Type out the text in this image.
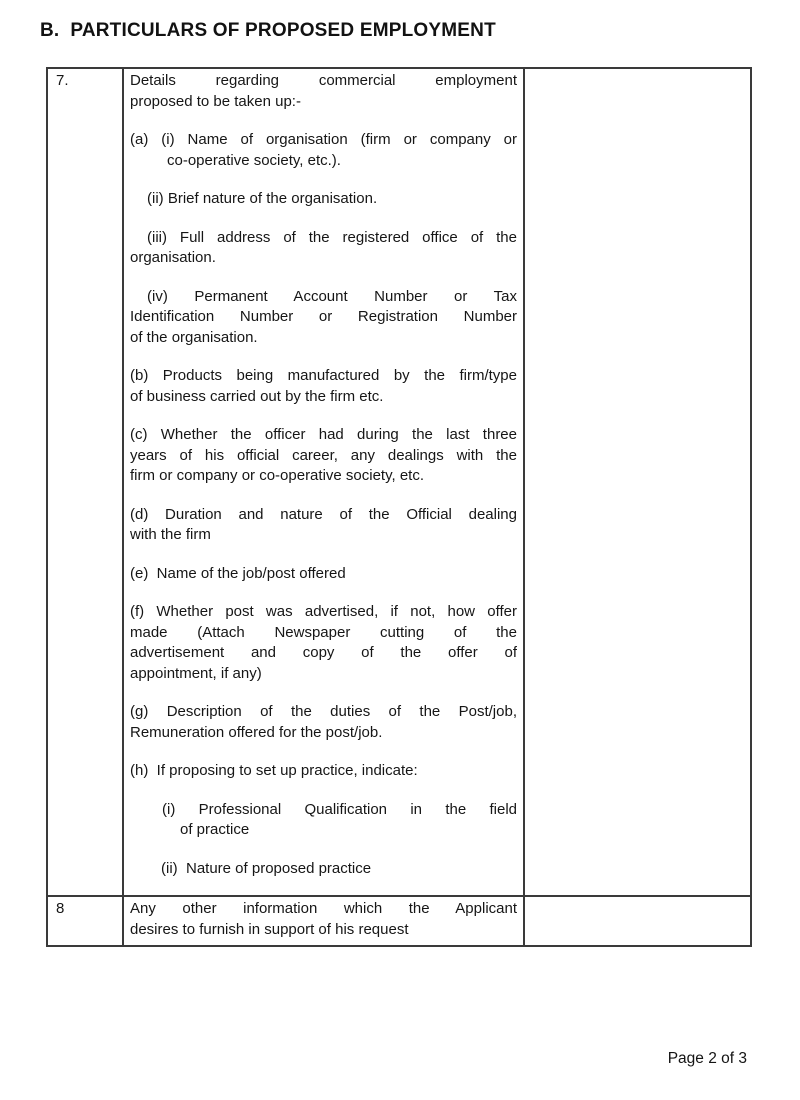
B.  PARTICULARS OF PROPOSED EMPLOYMENT
7.	Details regarding commercial employment
proposed to be taken up:-
(a) (i) Name of organisation (firm or company or
co-operative society, etc.).
(ii) Brief nature of the organisation.
(iii) Full address of the registered office of the
organisation.
(iv) Permanent Account Number or Tax
Identification Number or Registration Number
of the organisation.
(b) Products being manufactured by the firm/type
of business carried out by the firm etc.
(c) Whether the officer had during the last three
years of his official career, any dealings with the
firm or company or co-operative society, etc.
(d) Duration and nature of the Official dealing
with the firm
(e)  Name of the job/post offered
(f) Whether post was advertised, if not, how offer
made (Attach Newspaper cutting of the
advertisement and copy of the offer of
appointment, if any)
(g) Description of the duties of the Post/job,
Remuneration offered for the post/job.
(h)  If proposing to set up practice, indicate:
(i) Professional Qualification in the field
of practice
(ii)  Nature of proposed practice
8	Any other information which the Applicant
desires to furnish in support of his request
Page 2 of 3
